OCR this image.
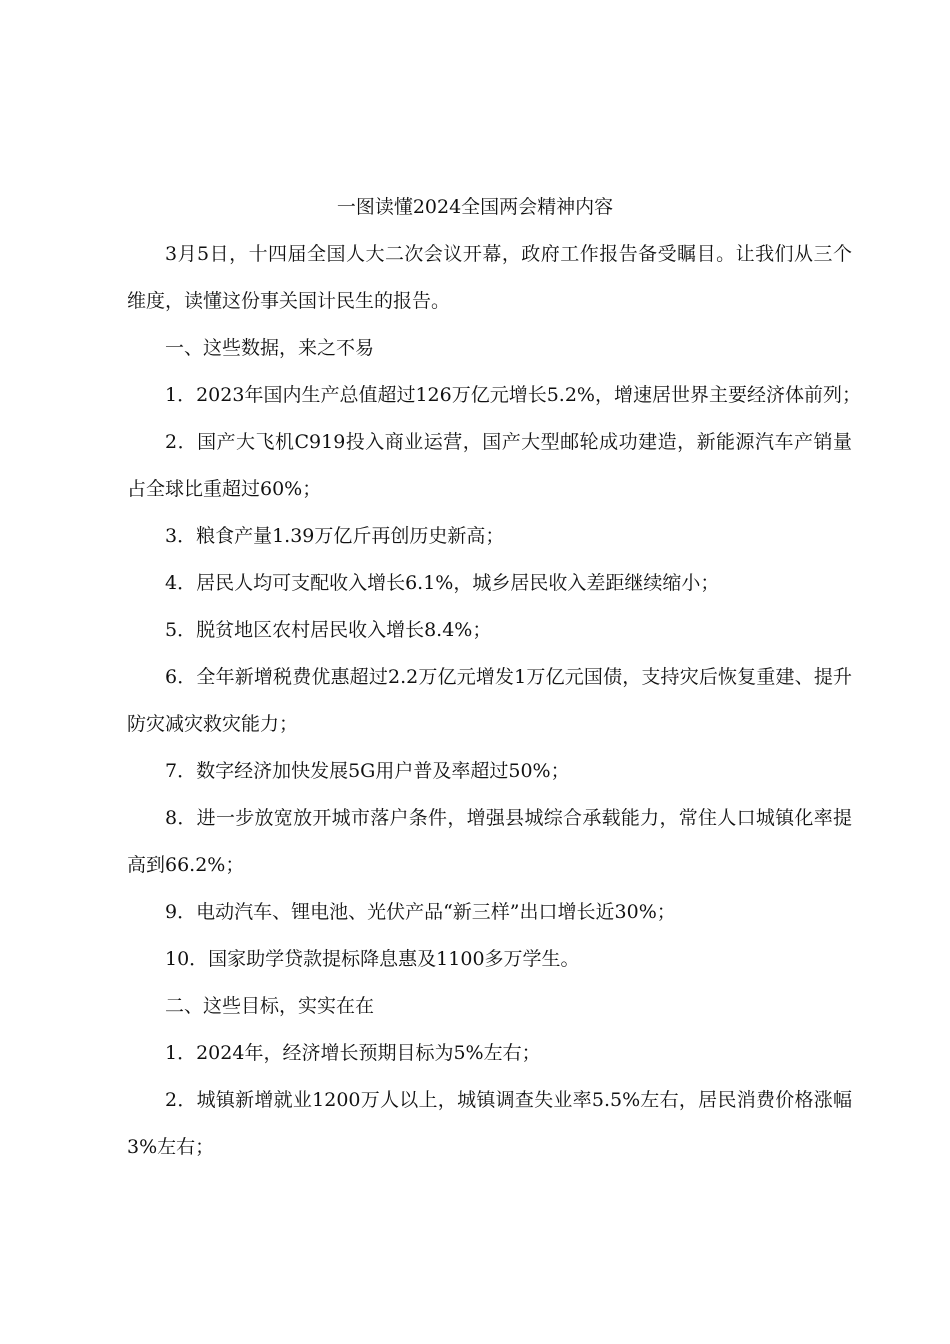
一图读懂2024全国两会精神内容

3月5日，十四届全国人大二次会议开幕，政府工作报告备受瞩目。让我们从三个维度，读懂这份事关国计民生的报告。

一、这些数据，来之不易

1．2023年国内生产总值超过126万亿元增长5.2%，增速居世界主要经济体前列；

2．国产大飞机C919投入商业运营，国产大型邮轮成功建造，新能源汽车产销量占全球比重超过60%；

3．粮食产量1.39万亿斤再创历史新高；

4．居民人均可支配收入增长6.1%，城乡居民收入差距继续缩小；

5．脱贫地区农村居民收入增长8.4%；

6．全年新增税费优惠超过2.2万亿元增发1万亿元国债，支持灾后恢复重建、提升防灾减灾救灾能力；

7．数字经济加快发展5G用户普及率超过50%；

8．进一步放宽放开城市落户条件，增强县城综合承载能力，常住人口城镇化率提高到66.2%；

9．电动汽车、锂电池、光伏产品“新三样”出口增长近30%；

10．国家助学贷款提标降息惠及1100多万学生。

二、这些目标，实实在在

1．2024年，经济增长预期目标为5%左右；

2．城镇新增就业1200万人以上，城镇调查失业率5.5%左右，居民消费价格涨幅3%左右；
